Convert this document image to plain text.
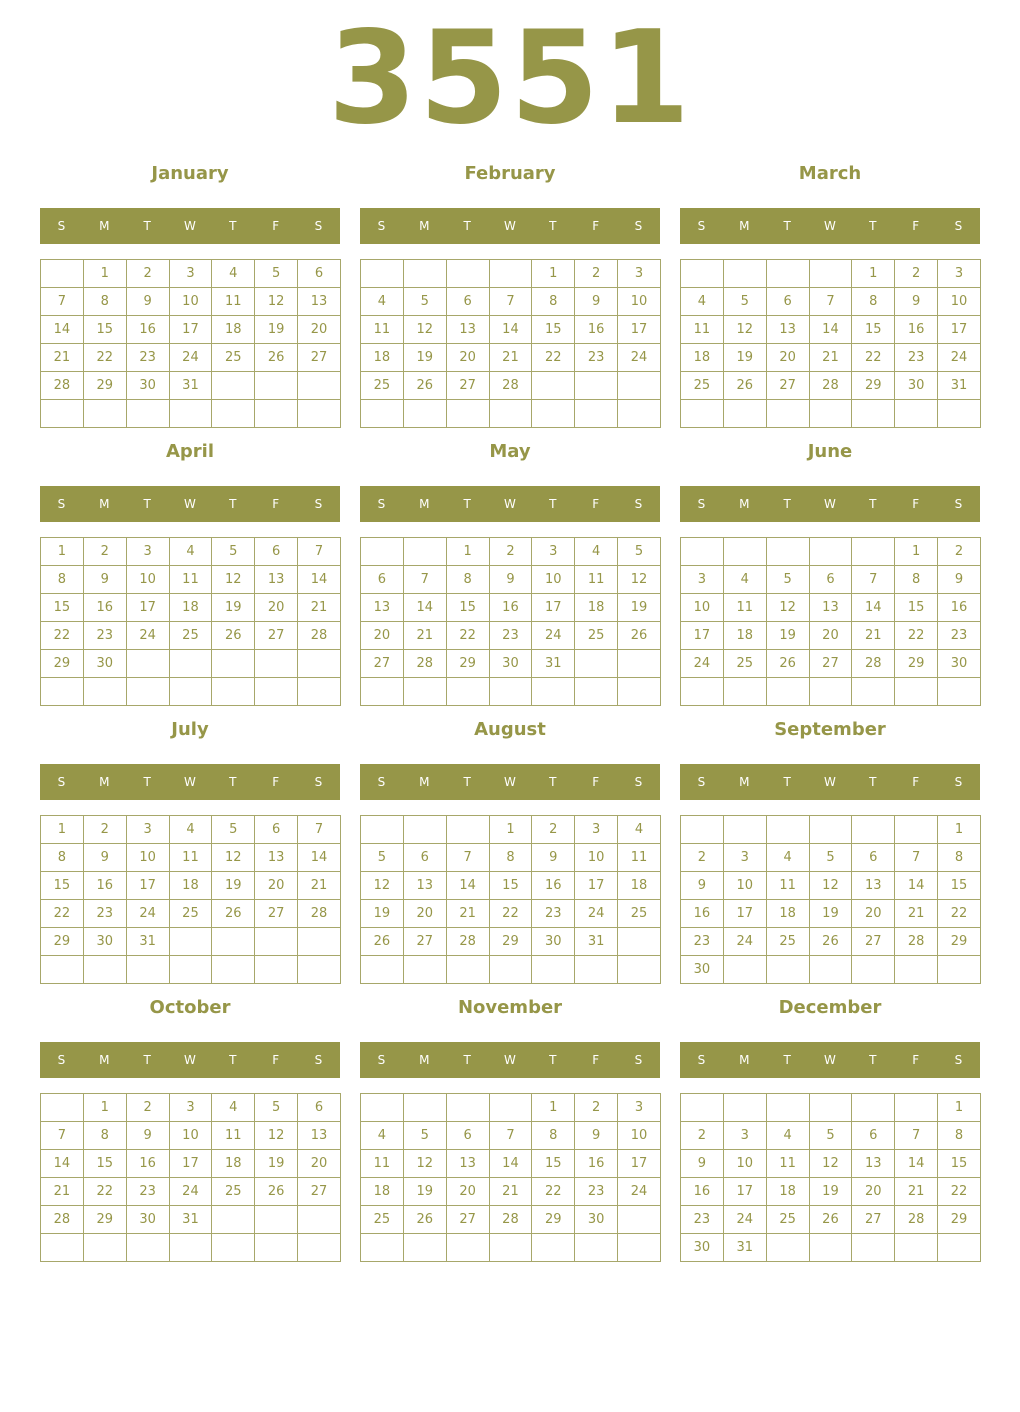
3551
January
S	M	T	W	T	F	S
	1	2	3	4	5	6
7	8	9	10	11	12	13
14	15	16	17	18	19	20
21	22	23	24	25	26	27
28	29	30	31			

February
S	M	T	W	T	F	S
				1	2	3
4	5	6	7	8	9	10
11	12	13	14	15	16	17
18	19	20	21	22	23	24
25	26	27	28			

March
S	M	T	W	T	F	S
				1	2	3
4	5	6	7	8	9	10
11	12	13	14	15	16	17
18	19	20	21	22	23	24
25	26	27	28	29	30	31

April
S	M	T	W	T	F	S
1	2	3	4	5	6	7
8	9	10	11	12	13	14
15	16	17	18	19	20	21
22	23	24	25	26	27	28
29	30					

May
S	M	T	W	T	F	S
		1	2	3	4	5
6	7	8	9	10	11	12
13	14	15	16	17	18	19
20	21	22	23	24	25	26
27	28	29	30	31		

June
S	M	T	W	T	F	S
					1	2
3	4	5	6	7	8	9
10	11	12	13	14	15	16
17	18	19	20	21	22	23
24	25	26	27	28	29	30

July
S	M	T	W	T	F	S
1	2	3	4	5	6	7
8	9	10	11	12	13	14
15	16	17	18	19	20	21
22	23	24	25	26	27	28
29	30	31				

August
S	M	T	W	T	F	S
			1	2	3	4
5	6	7	8	9	10	11
12	13	14	15	16	17	18
19	20	21	22	23	24	25
26	27	28	29	30	31	

September
S	M	T	W	T	F	S
						1
2	3	4	5	6	7	8
9	10	11	12	13	14	15
16	17	18	19	20	21	22
23	24	25	26	27	28	29
30						
October
S	M	T	W	T	F	S
	1	2	3	4	5	6
7	8	9	10	11	12	13
14	15	16	17	18	19	20
21	22	23	24	25	26	27
28	29	30	31			

November
S	M	T	W	T	F	S
				1	2	3
4	5	6	7	8	9	10
11	12	13	14	15	16	17
18	19	20	21	22	23	24
25	26	27	28	29	30	

December
S	M	T	W	T	F	S
						1
2	3	4	5	6	7	8
9	10	11	12	13	14	15
16	17	18	19	20	21	22
23	24	25	26	27	28	29
30	31					
